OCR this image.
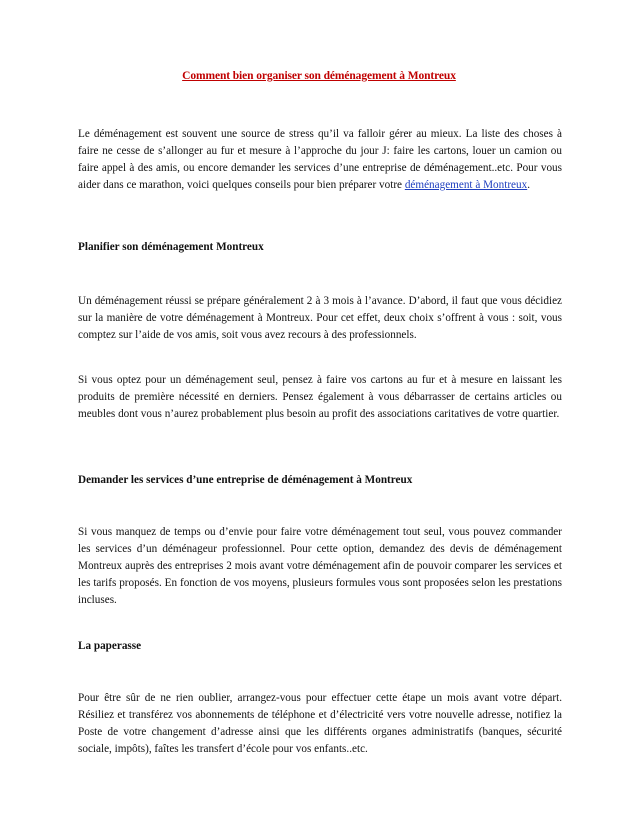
Comment bien organiser son déménagement à Montreux

Le déménagement est souvent une source de stress qu’il va falloir gérer au mieux. La liste des choses à faire ne cesse de s’allonger au fur et mesure à l’approche du jour J: faire les cartons, louer un camion ou faire appel à des amis, ou encore demander les services d’une entreprise de déménagement..etc. Pour vous aider dans ce marathon, voici quelques conseils pour bien préparer votre déménagement à Montreux.

Planifier son déménagement Montreux

Un déménagement réussi se prépare généralement 2 à 3 mois à l’avance. D’abord, il faut que vous décidiez sur la manière de votre déménagement à Montreux. Pour cet effet, deux choix s’offrent à vous : soit, vous comptez sur l’aide de vos amis, soit vous avez recours à des professionnels.

Si vous optez pour un déménagement seul, pensez à faire vos cartons au fur et à mesure en laissant les produits de première nécessité en derniers. Pensez également à vous débarrasser de certains articles ou meubles dont vous n’aurez probablement plus besoin au profit des associations caritatives de votre quartier.

Demander les services d’une entreprise de déménagement à Montreux

Si vous manquez de temps ou d’envie pour faire votre déménagement tout seul, vous pouvez commander les services d’un déménageur professionnel. Pour cette option, demandez des devis de déménagement Montreux auprès des entreprises 2 mois avant votre déménagement afin de pouvoir comparer les services et les tarifs proposés. En fonction de vos moyens, plusieurs formules vous sont proposées selon les prestations incluses.

La paperasse

Pour être sûr de ne rien oublier, arrangez-vous pour effectuer cette étape un mois avant votre départ. Résiliez et transférez vos abonnements de téléphone et d’électricité vers votre nouvelle adresse, notifiez la Poste de votre changement d’adresse ainsi que les différents organes administratifs (banques, sécurité sociale, impôts), faîtes les transfert d’école pour vos enfants..etc.
